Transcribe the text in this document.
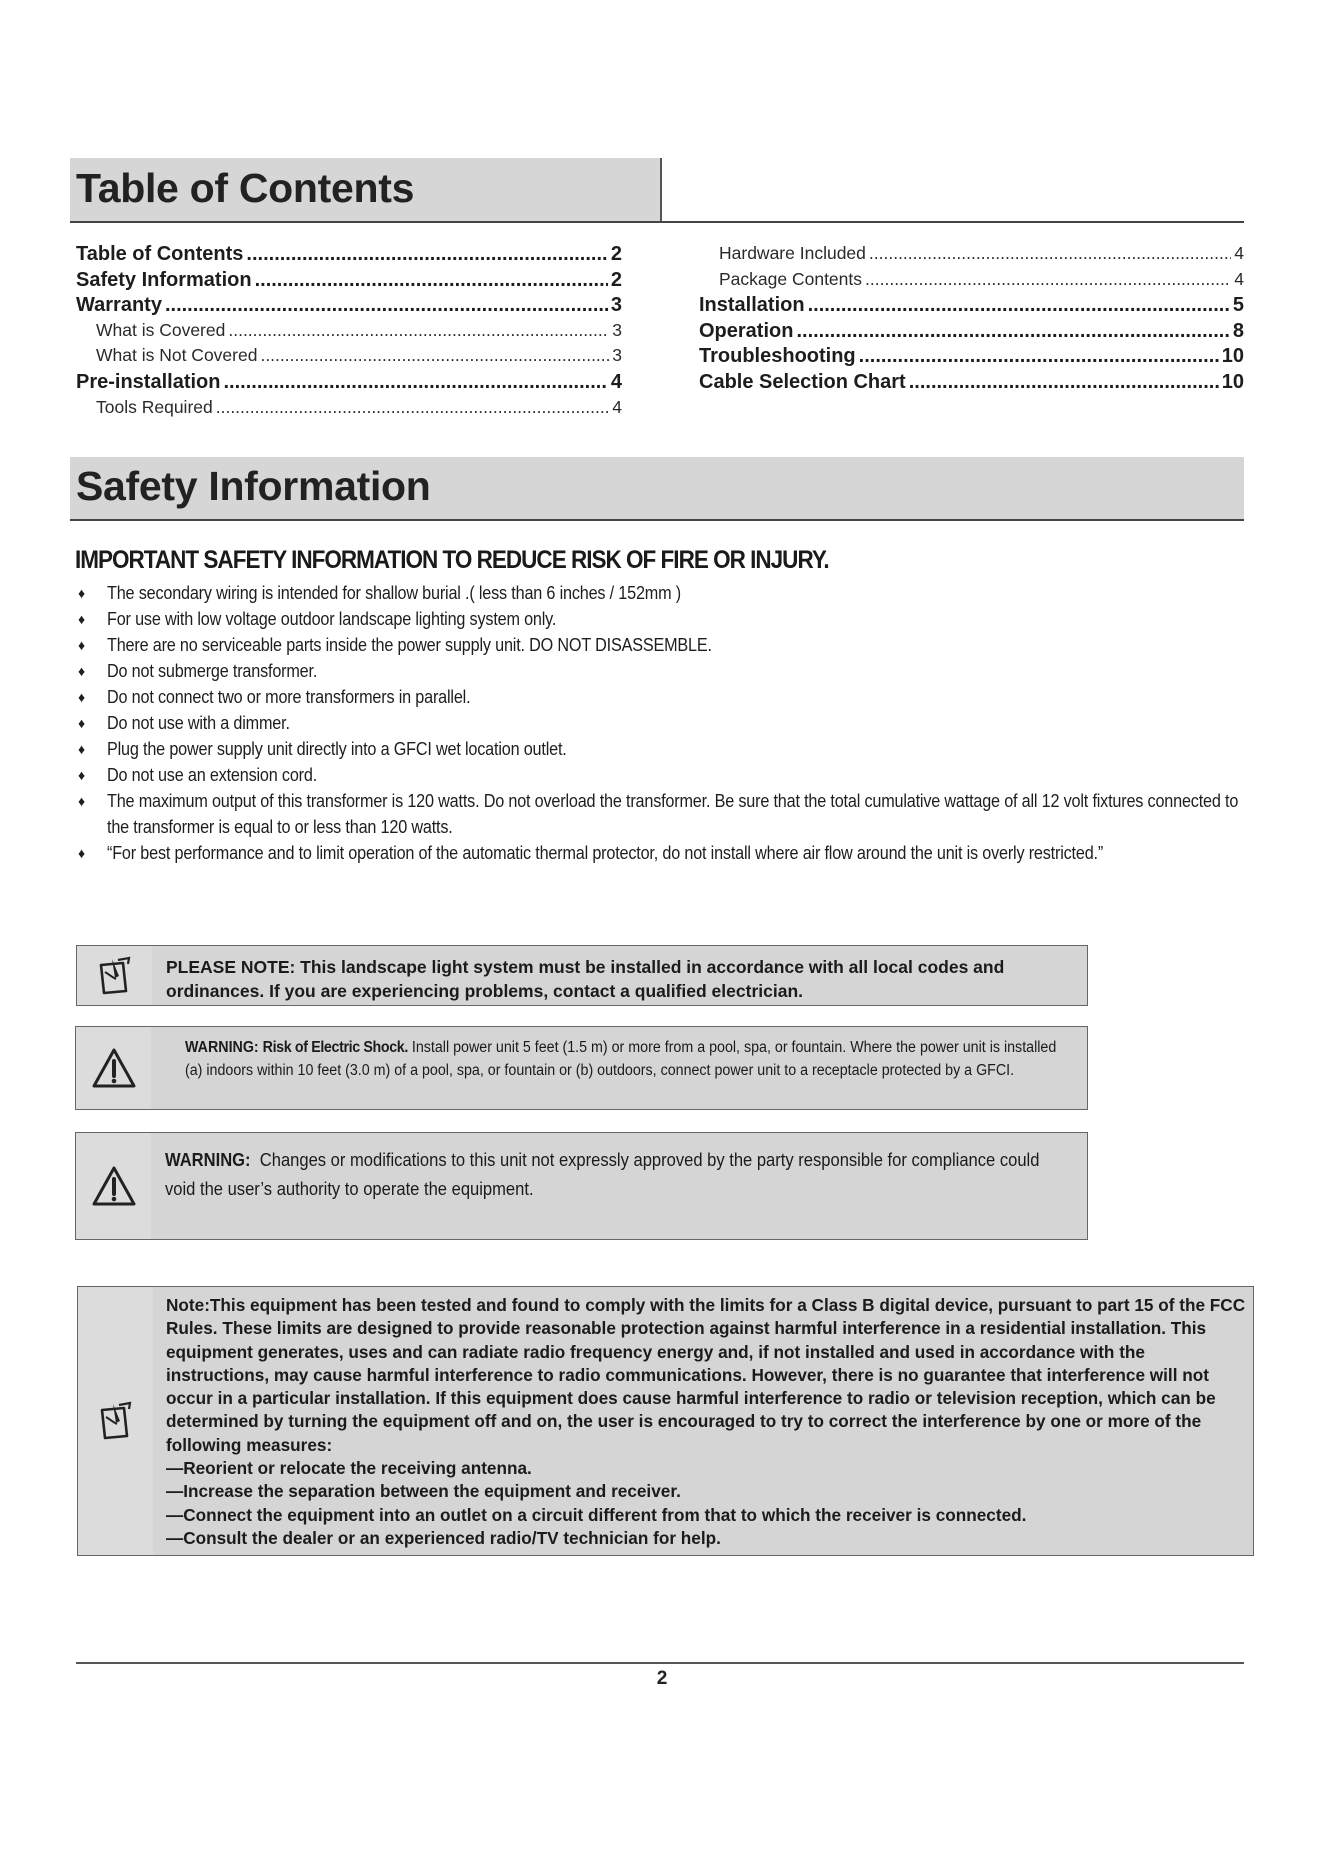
Table of Contents
Table of Contents .....	2
Safety Information .....	2
Warranty .....	3
What is Covered .....	3
What is Not Covered .....	3
Pre-installation .....	4
Tools Required .....	4
Hardware Included .....	4
Package Contents .....	4
Installation .....	5
Operation .....	8
Troubleshooting .....	10
Cable Selection Chart .....	10
Safety Information
IMPORTANT SAFETY INFORMATION TO REDUCE RISK OF FIRE OR INJURY.
♦ The secondary wiring is intended for shallow burial .( less than 6 inches / 152mm )
♦ For use with low voltage outdoor landscape lighting system only.
♦ There are no serviceable parts inside the power supply unit. DO NOT DISASSEMBLE.
♦ Do not submerge transformer.
♦ Do not connect two or more transformers in parallel.
♦ Do not use with a dimmer.
♦ Plug the power supply unit directly into a GFCI wet location outlet.
♦ Do not use an extension cord.
♦ The maximum output of this transformer is 120 watts. Do not overload the transformer. Be sure that the total cumulative wattage of all 12 volt fixtures connected to the transformer is equal to or less than 120 watts.
♦ “For best performance and to limit operation of the automatic thermal protector, do not install where air flow around the unit is overly restricted.”
PLEASE NOTE: This landscape light system must be installed in accordance with all local codes and ordinances. If you are experiencing problems, contact a qualified electrician.
WARNING: Risk of Electric Shock. Install power unit 5 feet (1.5 m) or more from a pool, spa, or fountain. Where the power unit is installed (a) indoors within 10 feet (3.0 m) of a pool, spa, or fountain or (b) outdoors, connect power unit to a receptacle protected by a GFCI.
WARNING: Changes or modifications to this unit not expressly approved by the party responsible for compliance could void the user’s authority to operate the equipment.
Note:This equipment has been tested and found to comply with the limits for a Class B digital device, pursuant to part 15 of the FCC Rules. These limits are designed to provide reasonable protection against harmful interference in a residential installation. This equipment generates, uses and can radiate radio frequency energy and, if not installed and used in accordance with the instructions, may cause harmful interference to radio communications. However, there is no guarantee that interference will not occur in a particular installation. If this equipment does cause harmful interference to radio or television reception, which can be determined by turning the equipment off and on, the user is encouraged to try to correct the interference by one or more of the following measures:
—Reorient or relocate the receiving antenna.
—Increase the separation between the equipment and receiver.
—Connect the equipment into an outlet on a circuit different from that to which the receiver is connected.
—Consult the dealer or an experienced radio/TV technician for help.
2
